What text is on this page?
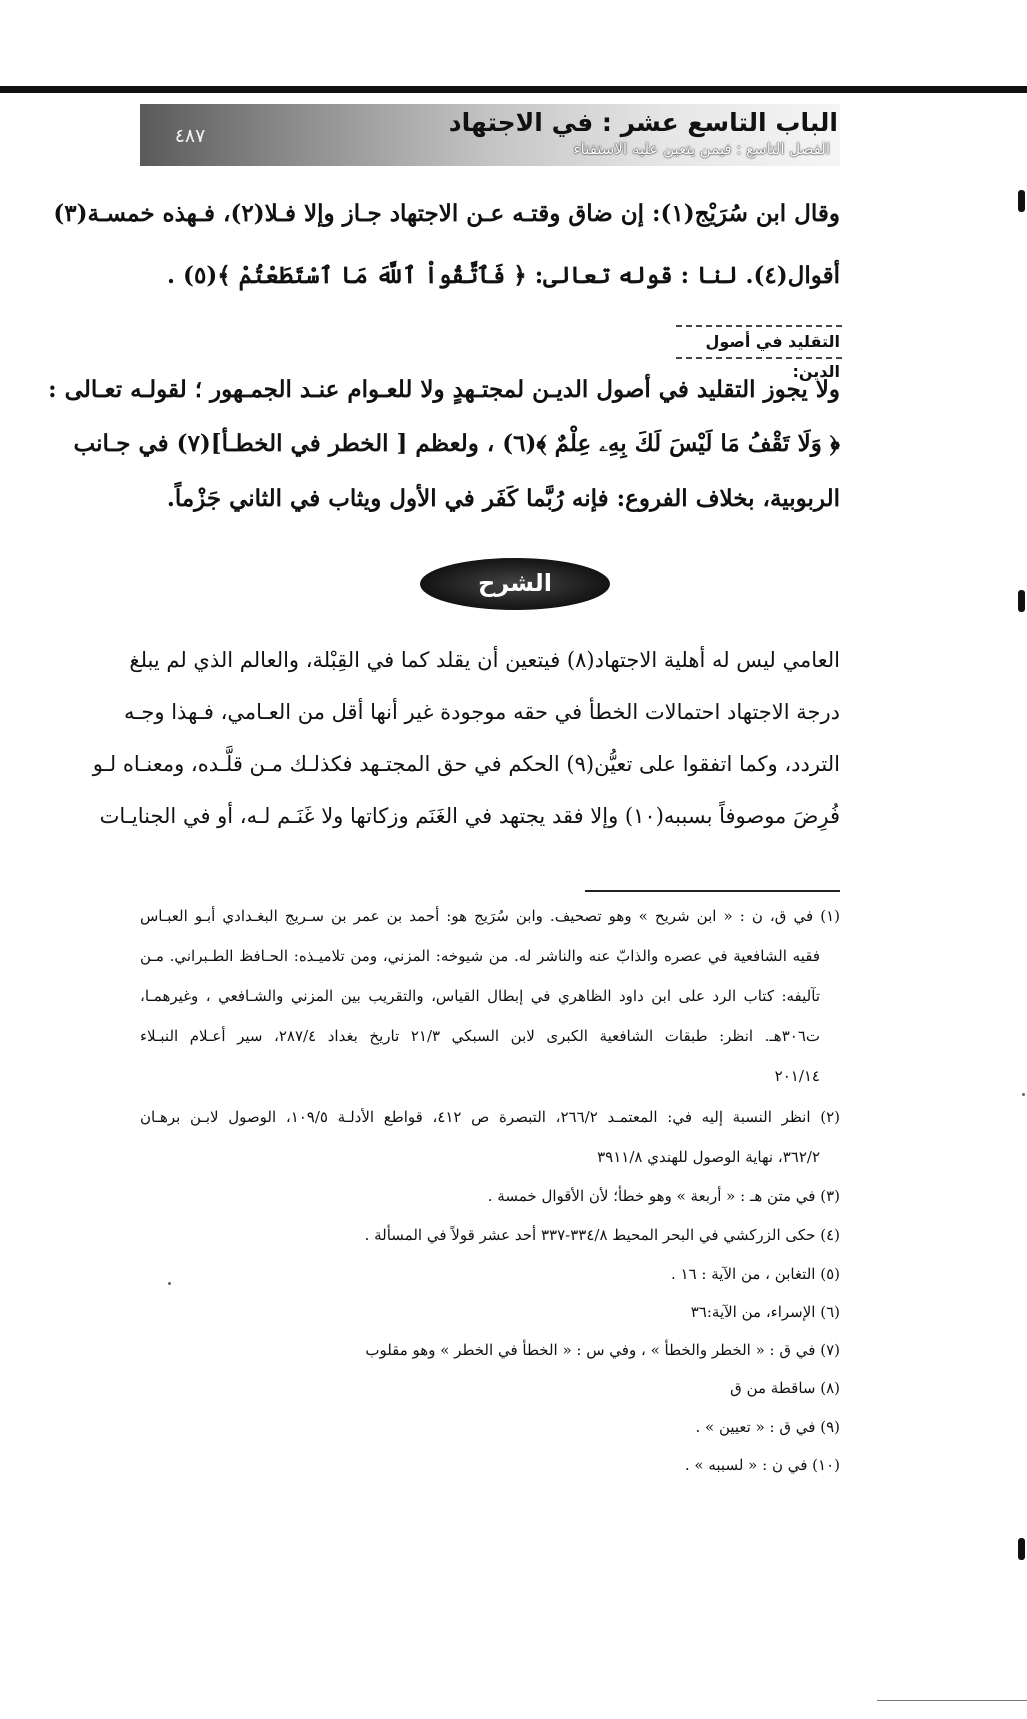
٤٨٧	الباب التاسع عشر : في الاجتهاد
الفصل التاسع : فيمن يتعين عليه الاستفتاء
وقال ابن سُرَيْج(١): إن ضاق وقتـه عـن الاجتهاد جـاز وإلا فـلا(٢)، فـهذه خمسـة(٣)
أقوال(٤). لنا : قوله تعالى: ﴿ فَٱتَّقُواْ ٱللَّهَ مَا ٱسْتَطَعْتُمْ ﴾(٥) .
التقليد في أصول الدين:
ولا يجوز التقليد في أصول الديـن لمجتـهدٍ ولا للعـوام عنـد الجمـهور ؛ لقولـه تعـالى :
﴿ وَلَا تَقْفُ مَا لَيْسَ لَكَ بِهِۦ عِلْمٌ ﴾(٦) ، ولعظم [ الخطر في الخطـأ](٧) في جـانب
الربوبية، بخلاف الفروع: فإنه رُبَّما كَفَر في الأول ويثاب في الثاني جَزْماً.
الشرح
العامي ليس له أهلية الاجتهاد(٨) فيتعين أن يقلد كما في القِبْلة، والعالم الذي لم يبلغ
درجة الاجتهاد احتمالات الخطأ في حقه موجودة غير أنها أقل من العـامي، فـهذا وجـه
التردد، وكما اتفقوا على تعيُّن(٩) الحكم في حق المجتـهد فكذلـك مـن قلَّـده، ومعنـاه لـو
فُرِضَ موصوفاً بسببه(١٠) وإلا فقد يجتهد في الغَنَم وزكاتها ولا غَنَـم لـه، أو في الجنايـات
(١) في ق، ن : « ابن شريح » وهو تصحيف. وابن سُرَيج هو: أحمد بن عمر بن سـريج البغـدادي أبـو العبـاس
فقيه الشافعية في عصره والذابّ عنه والناشر له. من شيوخه: المزني، ومن تلاميـذه: الحـافظ الطـبراني. مـن
تآليفه: كتاب الرد على ابن داود الظاهري في إبطال القياس، والتقريب بين المزني والشـافعي ، وغيرهمـا،
ت٣٠٦هـ. انظر: طبقات الشافعية الكبرى لابن السبكي ٢١/٣ تاريخ بغداد ٢٨٧/٤، سير أعـلام النبـلاء
٢٠١/١٤
(٢) انظر النسبة إليه في: المعتمـد ٢٦٦/٢، التبصرة ص ٤١٢، قواطع الأدلـة ١٠٩/٥، الوصول لابـن برهـان
٣٦٢/٢، نهاية الوصول للهندي ٣٩١١/٨
(٣) في متن هـ : « أربعة » وهو خطأ؛ لأن الأقوال خمسة .
(٤) حكى الزركشي في البحر المحيط ٣٣٤/٨-٣٣٧ أحد عشر قولاً في المسألة .
(٥) التغابن ، من الآية : ١٦ .
(٦) الإسراء، من الآية:٣٦
(٧) في ق : « الخطر والخطأ » ، وفي س : « الخطأ في الخطر » وهو مقلوب
(٨) ساقطة من ق
(٩) في ق : « تعيين » .
(١٠) في ن : « لسببه » .
